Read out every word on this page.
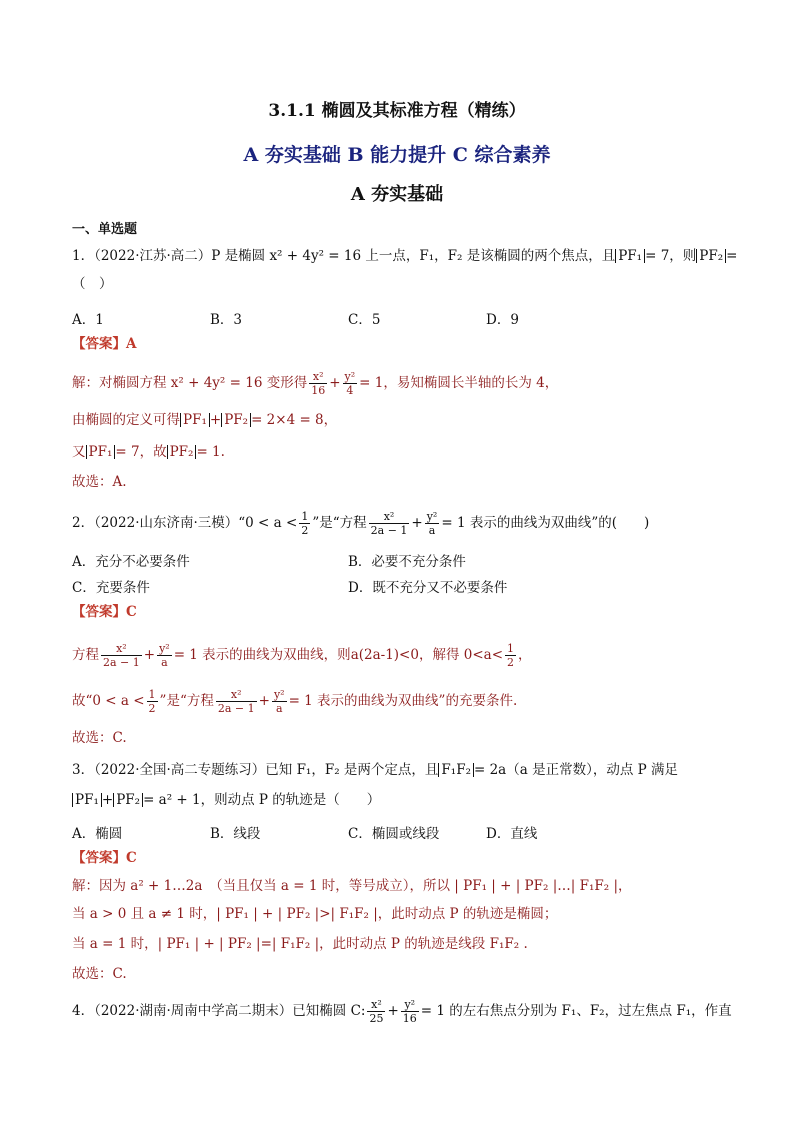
3.1.1 椭圆及其标准方程（精练）
A 夯实基础 B 能力提升 C 综合素养
A 夯实基础
一、单选题
1．（2022·江苏·高二）P 是椭圆 x² + 4y² = 16 上一点，F₁，F₂ 是该椭圆的两个焦点，且 PF₁ = 7，则 PF₂ =
（　）
A．1	B．3	C．5	D．9
【答案】A
解：对椭圆方程 x² + 4y² = 16 变形得 $\frac{\text{x²}}{16} + \frac{\text{y²}}{4} = 1$，易知椭圆长半轴的长为 4，
由椭圆的定义可得 PF₁ + PF₂ = 2×4 = 8，
又 PF₁ = 7，故 PF₂ = 1.
故选：A.
2．（2022·山东济南·三模）“0 < $a < \frac{1}{2}$ ”是“方程 $\frac{\text{x²}}{2a - 1} + \frac{\text{y²}}{a} = 1$ 表示的曲线为双曲线”的(　　)
A．充分不必要条件	B．必要不充分条件
C．充要条件	D．既不充分又不必要条件
【答案】C
方程 $\frac{\text{x²}}{2a - 1} + \frac{\text{y²}}{a} = 1$ 表示的曲线为双曲线，则a(2a-1)<0，解得 $0<a< \frac{1}{2}$ ，
故“$0 < a < \frac{1}{2}$ ”是“方程 $\frac{\text{x²}}{2a - 1} + \frac{\text{y²}}{a} = 1$ 表示的曲线为双曲线”的充要条件.
故选：C.
3．（2022·全国·高二专题练习）已知 F₁，F₂ 是两个定点，且 F₁F₂ = 2a（a 是正常数），动点 P 满足
PF₁ + PF₂ = a² + 1，则动点 P 的轨迹是（　　）
A．椭圆	B．线段	C．椭圆或线段	D．直线
【答案】C
解：因为 a² + 1…2a　（当且仅当 a = 1 时，等号成立），所以 | PF₁ | + | PF₂ |…| F₁F₂ |，
当 a > 0 且 a ≠ 1 时，| PF₁ | + | PF₂ |>| F₁F₂ |，此时动点 P 的轨迹是椭圆；
当 a = 1 时，| PF₁ | + | PF₂ |=| F₁F₂ |，此时动点 P 的轨迹是线段 F₁F₂ .
故选：C.
4．（2022·湖南·周南中学高二期末）已知椭圆 C: $\frac{\text{x²}}{25} + \frac{\text{y²}}{16} = 1$ 的左右焦点分别为 F₁、F₂，过左焦点 F₁，作直
